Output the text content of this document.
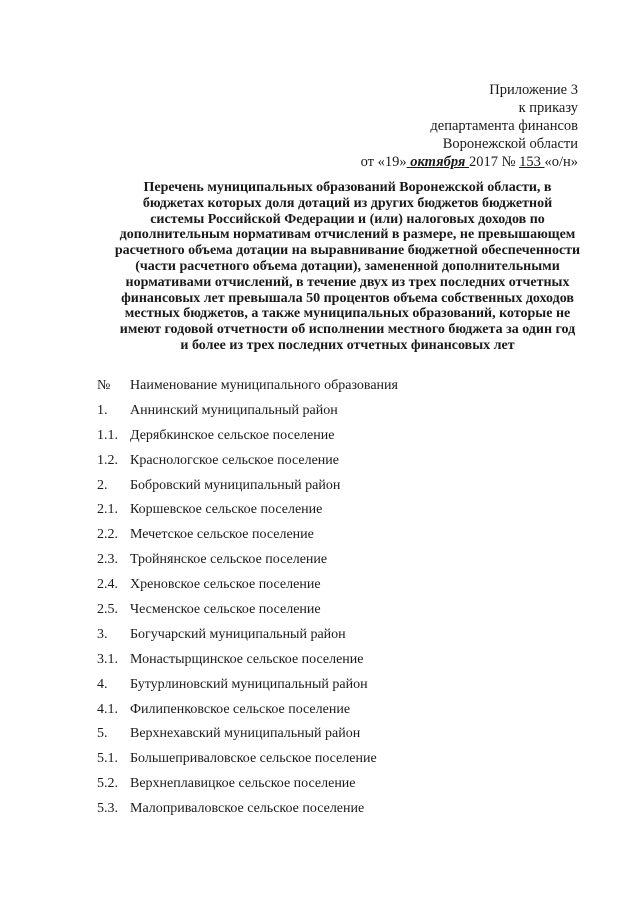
Приложение 3
к приказу
департамента финансов
Воронежской области
от «19» октября 2017 № 153 «о/н»
Перечень муниципальных образований Воронежской области, в
бюджетах которых доля дотаций из других бюджетов бюджетной
системы Российской Федерации и (или) налоговых доходов по
дополнительным нормативам отчислений в размере, не превышающем
расчетного объема дотации на выравнивание бюджетной обеспеченности
(части расчетного объема дотации), замененной дополнительными
нормативами отчислений, в течение двух из трех последних отчетных
финансовых лет превышала 50 процентов объема собственных доходов
местных бюджетов, а также муниципальных образований, которые не
имеют годовой отчетности об исполнении местного бюджета за один год
и более из трех последних отчетных финансовых лет
№ Наименование муниципального образования
1. Аннинский муниципальный район
1.1. Дерябкинское сельское поселение
1.2. Краснологское сельское поселение
2. Бобровский муниципальный район
2.1. Коршевское сельское поселение
2.2. Мечетское сельское поселение
2.3. Тройнянское сельское поселение
2.4. Хреновское сельское поселение
2.5. Чесменское сельское поселение
3. Богучарский муниципальный район
3.1. Монастырщинское сельское поселение
4. Бутурлиновский муниципальный район
4.1. Филипенковское сельское поселение
5. Верхнехавский муниципальный район
5.1. Большеприваловское сельское поселение
5.2. Верхнеплавицкое сельское поселение
5.3. Малоприваловское сельское поселение
